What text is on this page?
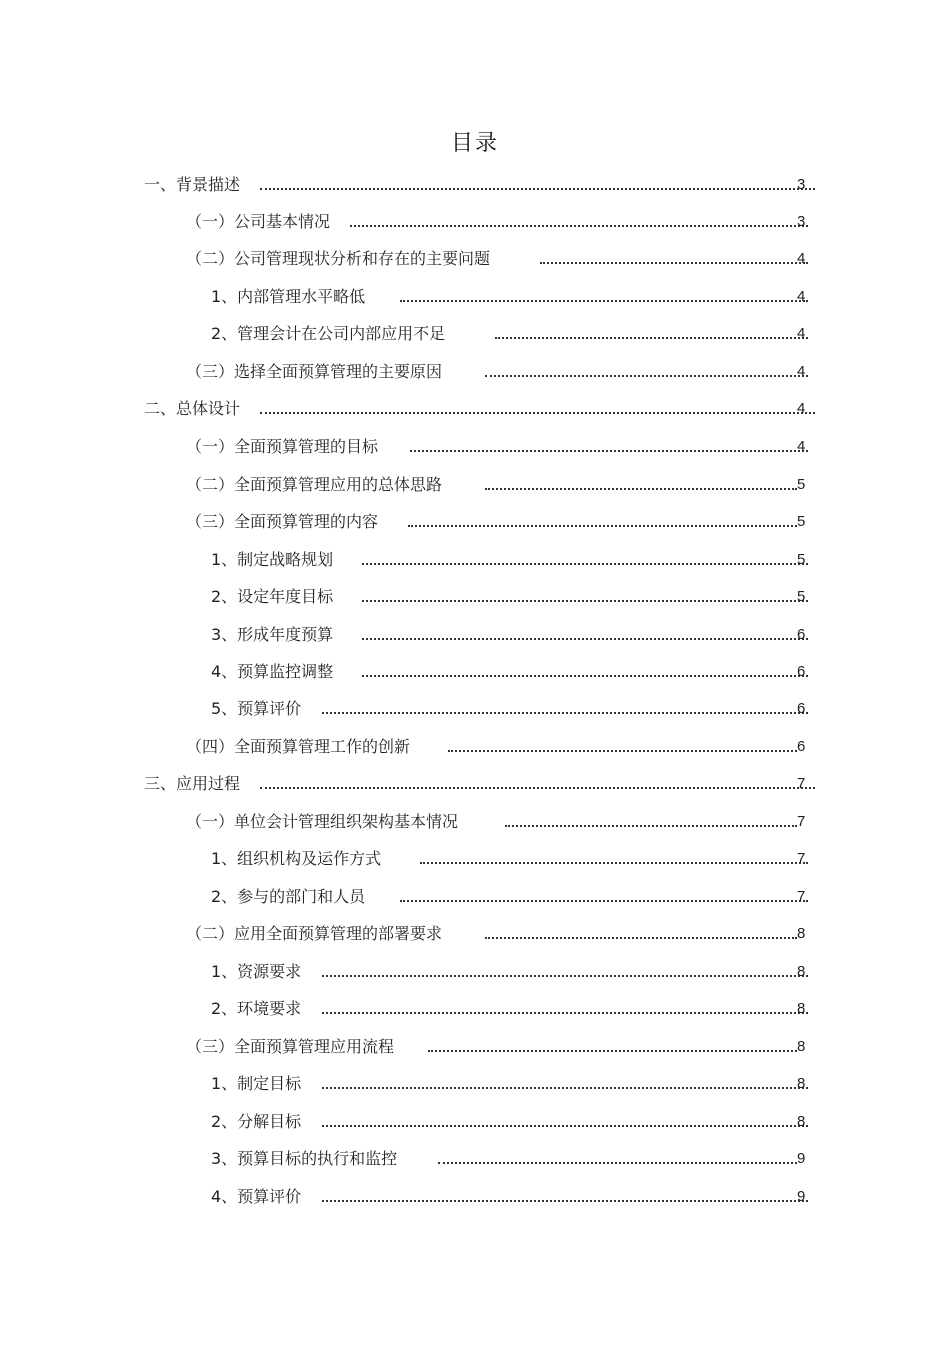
目录
一、背景描述	3
（一）公司基本情况	3
（二）公司管理现状分析和存在的主要问题	4
1、内部管理水平略低	4
2、管理会计在公司内部应用不足	4
（三）选择全面预算管理的主要原因	4
二、总体设计	4
（一）全面预算管理的目标	4
（二）全面预算管理应用的总体思路	5
（三）全面预算管理的内容	5
1、制定战略规划	5
2、设定年度目标	5
3、形成年度预算	6
4、预算监控调整	6
5、预算评价	6
（四）全面预算管理工作的创新	6
三、应用过程	7
（一）单位会计管理组织架构基本情况	7
1、组织机构及运作方式	7
2、参与的部门和人员	7
（二）应用全面预算管理的部署要求	8
1、资源要求	8
2、环境要求	8
（三）全面预算管理应用流程	8
1、制定目标	8
2、分解目标	8
3、预算目标的执行和监控	9
4、预算评价	9
